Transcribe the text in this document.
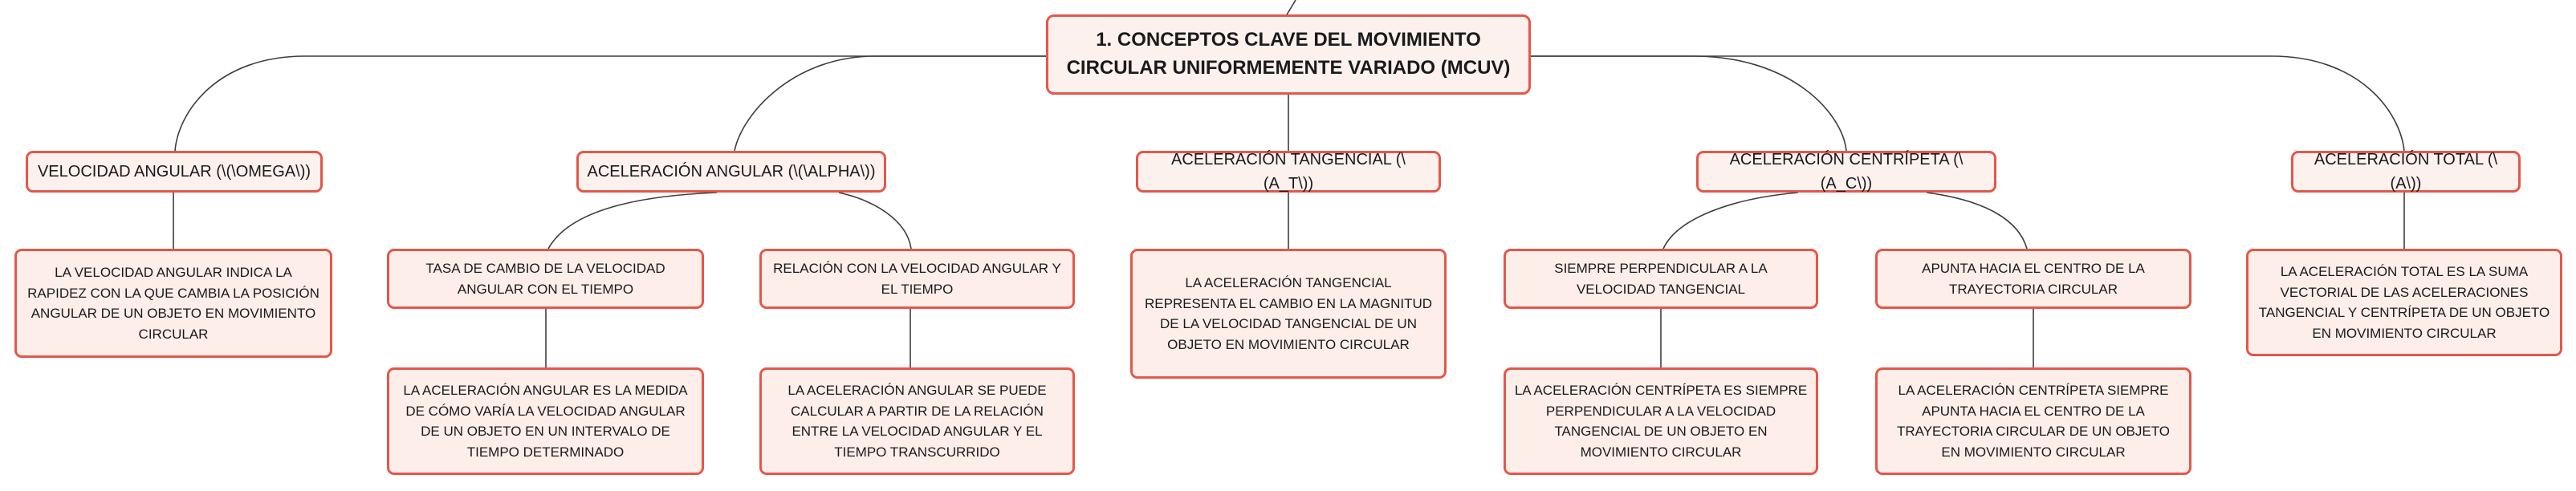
1. CONCEPTOS CLAVE DEL MOVIMIENTO CIRCULAR UNIFORMEMENTE VARIADO (MCUV)
VELOCIDAD ANGULAR (\(\OMEGA\))
LA VELOCIDAD ANGULAR INDICA LA RAPIDEZ CON LA QUE CAMBIA LA POSICIÓN ANGULAR DE UN OBJETO EN MOVIMIENTO CIRCULAR
ACELERACIÓN ANGULAR (\(\ALPHA\))
TASA DE CAMBIO DE LA VELOCIDAD ANGULAR CON EL TIEMPO
LA ACELERACIÓN ANGULAR ES LA MEDIDA DE CÓMO VARÍA LA VELOCIDAD ANGULAR DE UN OBJETO EN UN INTERVALO DE TIEMPO DETERMINADO
RELACIÓN CON LA VELOCIDAD ANGULAR Y EL TIEMPO
LA ACELERACIÓN ANGULAR SE PUEDE CALCULAR A PARTIR DE LA RELACIÓN ENTRE LA VELOCIDAD ANGULAR Y EL TIEMPO TRANSCURRIDO
ACELERACIÓN TANGENCIAL (\(A_T\))
LA ACELERACIÓN TANGENCIAL REPRESENTA EL CAMBIO EN LA MAGNITUD DE LA VELOCIDAD TANGENCIAL DE UN OBJETO EN MOVIMIENTO CIRCULAR
ACELERACIÓN CENTRÍPETA (\(A_C\))
SIEMPRE PERPENDICULAR A LA VELOCIDAD TANGENCIAL
LA ACELERACIÓN CENTRÍPETA ES SIEMPRE PERPENDICULAR A LA VELOCIDAD TANGENCIAL DE UN OBJETO EN MOVIMIENTO CIRCULAR
APUNTA HACIA EL CENTRO DE LA TRAYECTORIA CIRCULAR
LA ACELERACIÓN CENTRÍPETA SIEMPRE APUNTA HACIA EL CENTRO DE LA TRAYECTORIA CIRCULAR DE UN OBJETO EN MOVIMIENTO CIRCULAR
ACELERACIÓN TOTAL (\(A\))
LA ACELERACIÓN TOTAL ES LA SUMA VECTORIAL DE LAS ACELERACIONES TANGENCIAL Y CENTRÍPETA DE UN OBJETO EN MOVIMIENTO CIRCULAR
